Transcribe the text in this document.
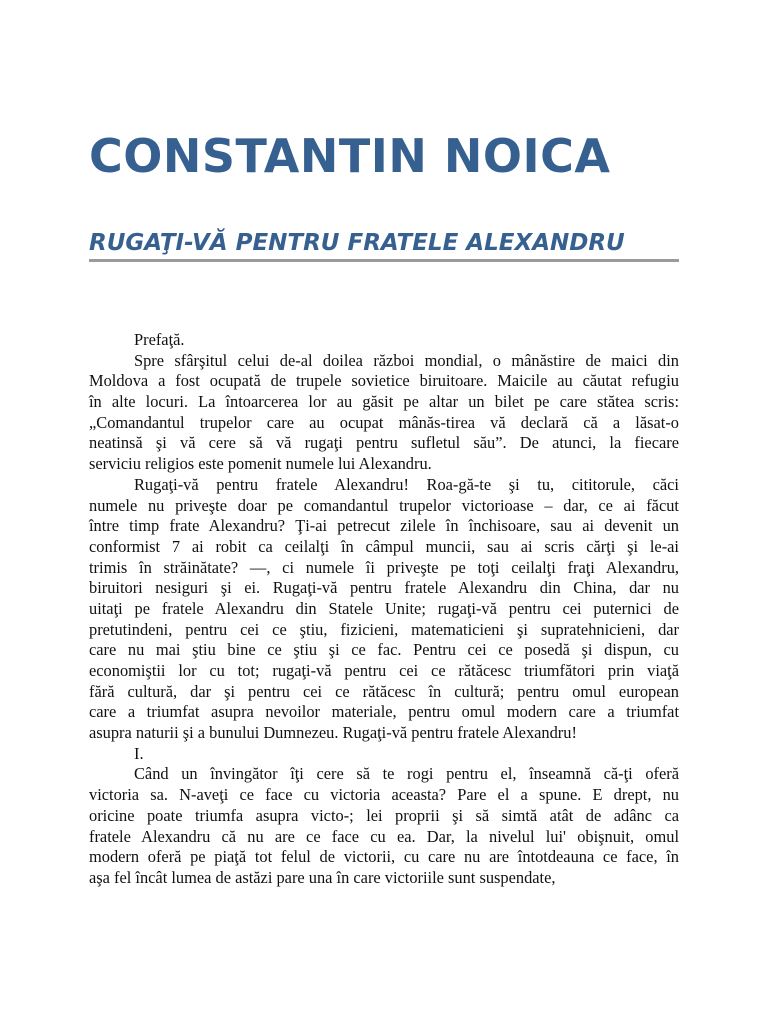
CONSTANTIN NOICA
RUGAŢI-VĂ PENTRU FRATELE ALEXANDRU
Prefaţă.
Spre sfârşitul celui de-al doilea război mondial, o mânăstire de maici din
Moldova a fost ocupată de trupele sovietice biruitoare. Maicile au căutat refugiu
în alte locuri. La întoarcerea lor au găsit pe altar un bilet pe care stătea scris:
„Comandantul trupelor care au ocupat mânăs-tirea vă declară că a lăsat-o
neatinsă şi vă cere să vă rugaţi pentru sufletul său”. De atunci, la fiecare
serviciu religios este pomenit numele lui Alexandru.
Rugaţi-vă pentru fratele Alexandru! Roa-gă-te şi tu, cititorule, căci
numele nu priveşte doar pe comandantul trupelor victorioase – dar, ce ai făcut
între timp frate Alexandru? Ţi-ai petrecut zilele în închisoare, sau ai devenit un
conformist 7 ai robit ca ceilalţi în câmpul muncii, sau ai scris cărţi şi le-ai
trimis în străinătate? —, ci numele îi priveşte pe toţi ceilalţi fraţi Alexandru,
biruitori nesiguri şi ei. Rugaţi-vă pentru fratele Alexandru din China, dar nu
uitaţi pe fratele Alexandru din Statele Unite; rugaţi-vă pentru cei puternici de
pretutindeni, pentru cei ce ştiu, fizicieni, matematicieni şi supratehnicieni, dar
care nu mai ştiu bine ce ştiu şi ce fac. Pentru cei ce posedă şi dispun, cu
economiştii lor cu tot; rugaţi-vă pentru cei ce rătăcesc triumfători prin viaţă
fără cultură, dar şi pentru cei ce rătăcesc în cultură; pentru omul european
care a triumfat asupra nevoilor materiale, pentru omul modern care a triumfat
asupra naturii şi a bunului Dumnezeu. Rugaţi-vă pentru fratele Alexandru!
I.
Când un învingător îţi cere să te rogi pentru el, înseamnă că-ţi oferă
victoria sa. N-aveţi ce face cu victoria aceasta? Pare el a spune. E drept, nu
oricine poate triumfa asupra victo-; lei proprii şi să simtă atât de adânc ca
fratele Alexandru că nu are ce face cu ea. Dar, la nivelul lui' obişnuit, omul
modern oferă pe piaţă tot felul de victorii, cu care nu are întotdeauna ce face, în
aşa fel încât lumea de astăzi pare una în care victoriile sunt suspendate,
